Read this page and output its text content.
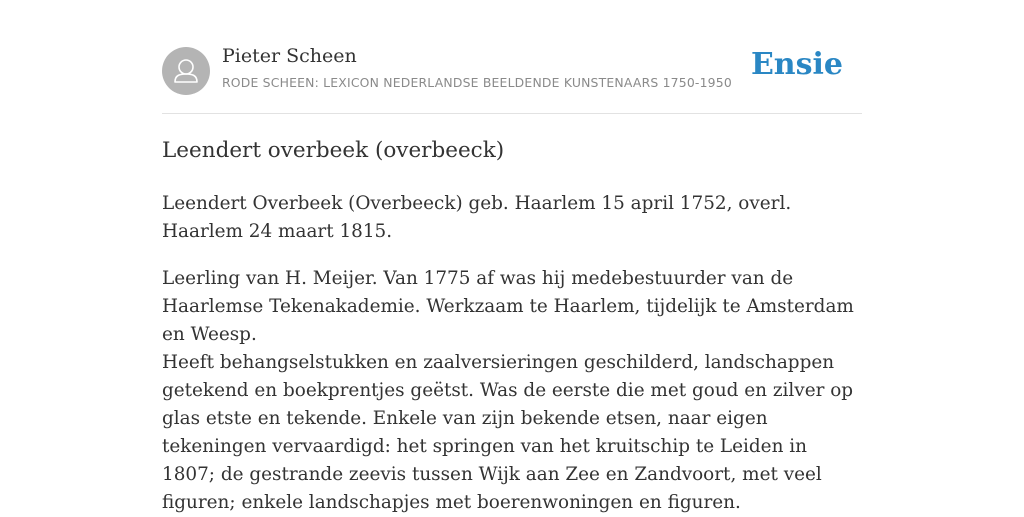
Pieter Scheen
RODE SCHEEN: LEXICON NEDERLANDSE BEELDENDE KUNSTENAARS 1750-1950
Ensie
Leendert overbeek (overbeeck)

Leendert Overbeek (Overbeeck) geb. Haarlem 15 april 1752, overl. Haarlem 24 maart 1815.

Leerling van H. Meijer. Van 1775 af was hij medebestuurder van de Haarlemse Tekenakademie. Werkzaam te Haarlem, tijdelijk te Amsterdam en Weesp.

Heeft behangselstukken en zaalversieringen geschilderd, landschappen getekend en boekprentjes geëtst. Was de eerste die met goud en zilver op glas etste en tekende. Enkele van zijn bekende etsen, naar eigen tekeningen vervaardigd: het springen van het kruitschip te Leiden in 1807; de gestrande zeevis tussen Wijk aan Zee en Zandvoort, met veel figuren; enkele landschapjes met boerenwoningen en figuren.
